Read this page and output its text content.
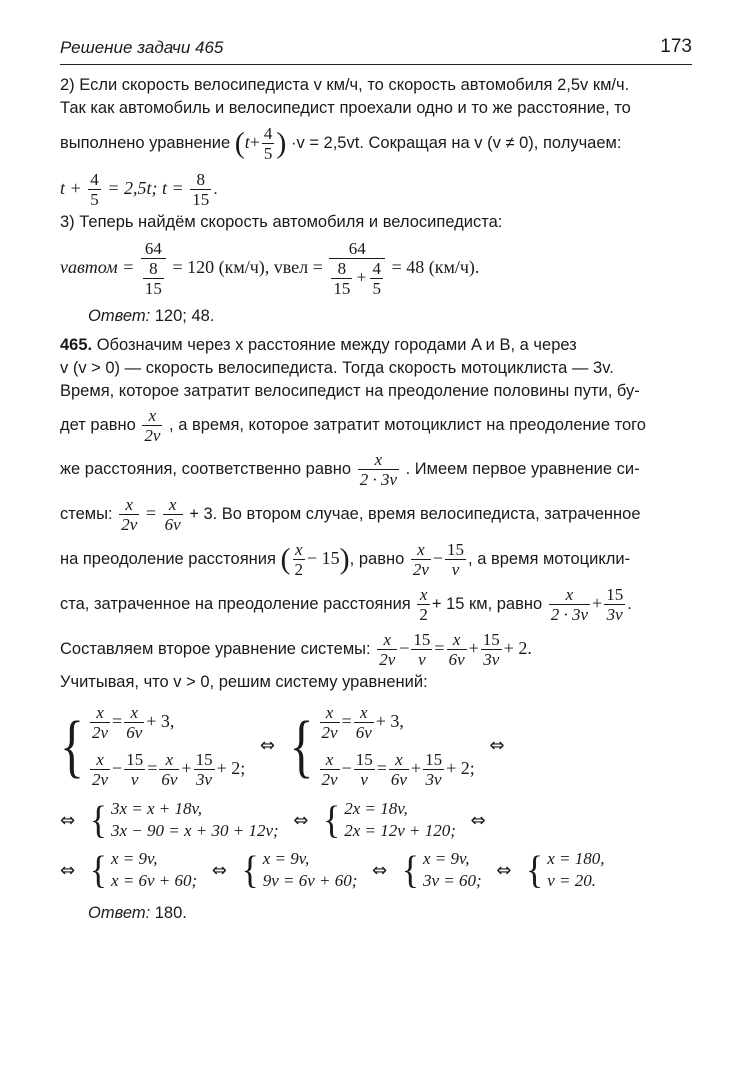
Решение задачи 465	173
2) Если скорость велосипедиста v км/ч, то скорость автомобиля 2,5v км/ч.
Так как автомобиль и велосипедист проехали одно и то же расстояние, то
выполнено уравнение ($t+ \frac{4}{5}$ ) ·v = 2,5vt. Сокращая на v (v ≠ 0), получаем:
$t + \frac{4}{5} = 2,5t$; $t = \frac{8}{15}$ .
3) Теперь найдём скорость автомобиля и велосипедиста:
vавтом = $\frac{64}{\frac{8}{15}} = 120$ (км/ч), vвел = $\frac{64}{\frac{8}{15} + \frac{4}{5}} = 48$ (км/ч).
Ответ: 120; 48.
465. Обозначим через x расстояние между городами A и B, а через
v (v > 0) — скорость велосипедиста. Тогда скорость мотоциклиста — 3v.
Время, которое затратит велосипедист на преодоление половины пути, бу-
дет равно $\frac{x}{2v}$ , а время, которое затратит мотоциклист на преодоление того
же расстояния, соответственно равно $\frac{x}{2 \cdot 3v}$ . Имеем первое уравнение си-
стемы: $\frac{x}{2v} = \frac{x}{6v} + 3$. Во втором случае, время велосипедиста, затраченное
на преодоление расстояния ( $\frac{x}{2} - 15$), равно $\frac{x}{2v} - \frac{15}{v}$ , а время мотоцикли-
ста, затраченное на преодоление расстояния $\frac{x}{2} + 15$ км, равно $\frac{x}{2 \cdot 3v} + \frac{15}{3v}$ .
Составляем второе уравнение системы: $\frac{x}{2v} - \frac{15}{v} = \frac{x}{6v} + \frac{15}{3v} + 2$.
Учитывая, что v > 0, решим систему уравнений:
{ $\frac{x}{2v} = \frac{x}{6v} + 3$,
$\frac{x}{2v} - \frac{15}{v} = \frac{x}{6v} + \frac{15}{3v} + 2$;
⇔ { $\frac{x}{2v} = \frac{x}{6v} + 3$,
$\frac{x}{2v} - \frac{15}{v} = \frac{x}{6v} + \frac{15}{3v} + 2$;
⇔
⇔ { 3x = x + 18v,
3x − 90 = x + 30 + 12v; ⇔ { 2x = 18v,
2x = 12v + 120; ⇔
⇔ { x = 9v,
x = 6v + 60; ⇔ { x = 9v,
9v = 6v + 60; ⇔ { x = 9v,
3v = 60; ⇔ { x = 180,
v = 20.
Ответ: 180.
